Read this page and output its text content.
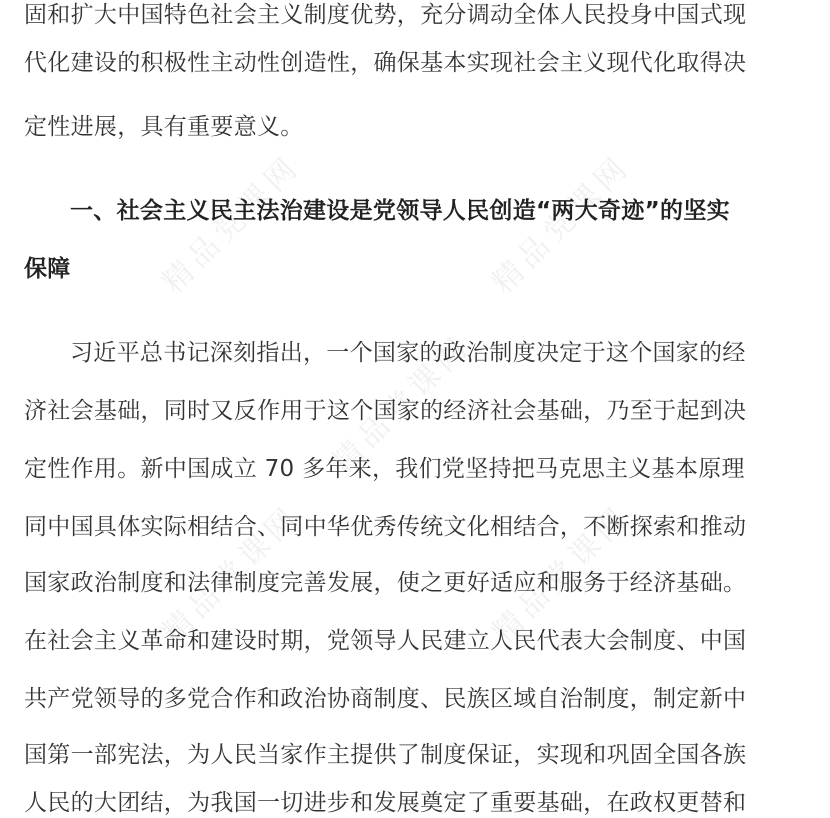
精品党课网	精品党课网
精品党课网
精品党课网	精品党课网
固和扩大中国特色社会主义制度优势，充分调动全体人民投身中国式现
代化建设的积极性主动性创造性，确保基本实现社会主义现代化取得决
定性进展，具有重要意义。
一、社会主义民主法治建设是党领导人民创造“两大奇迹”的坚实
保障
习近平总书记深刻指出，一个国家的政治制度决定于这个国家的经
济社会基础，同时又反作用于这个国家的经济社会基础，乃至于起到决
定性作用。新中国成立 70 多年来，我们党坚持把马克思主义基本原理
同中国具体实际相结合、同中华优秀传统文化相结合，不断探索和推动
国家政治制度和法律制度完善发展，使之更好适应和服务于经济基础。
在社会主义革命和建设时期，党领导人民建立人民代表大会制度、中国
共产党领导的多党合作和政治协商制度、民族区域自治制度，制定新中
国第一部宪法，为人民当家作主提供了制度保证，实现和巩固全国各族
人民的大团结，为我国一切进步和发展奠定了重要基础，在政权更替和
